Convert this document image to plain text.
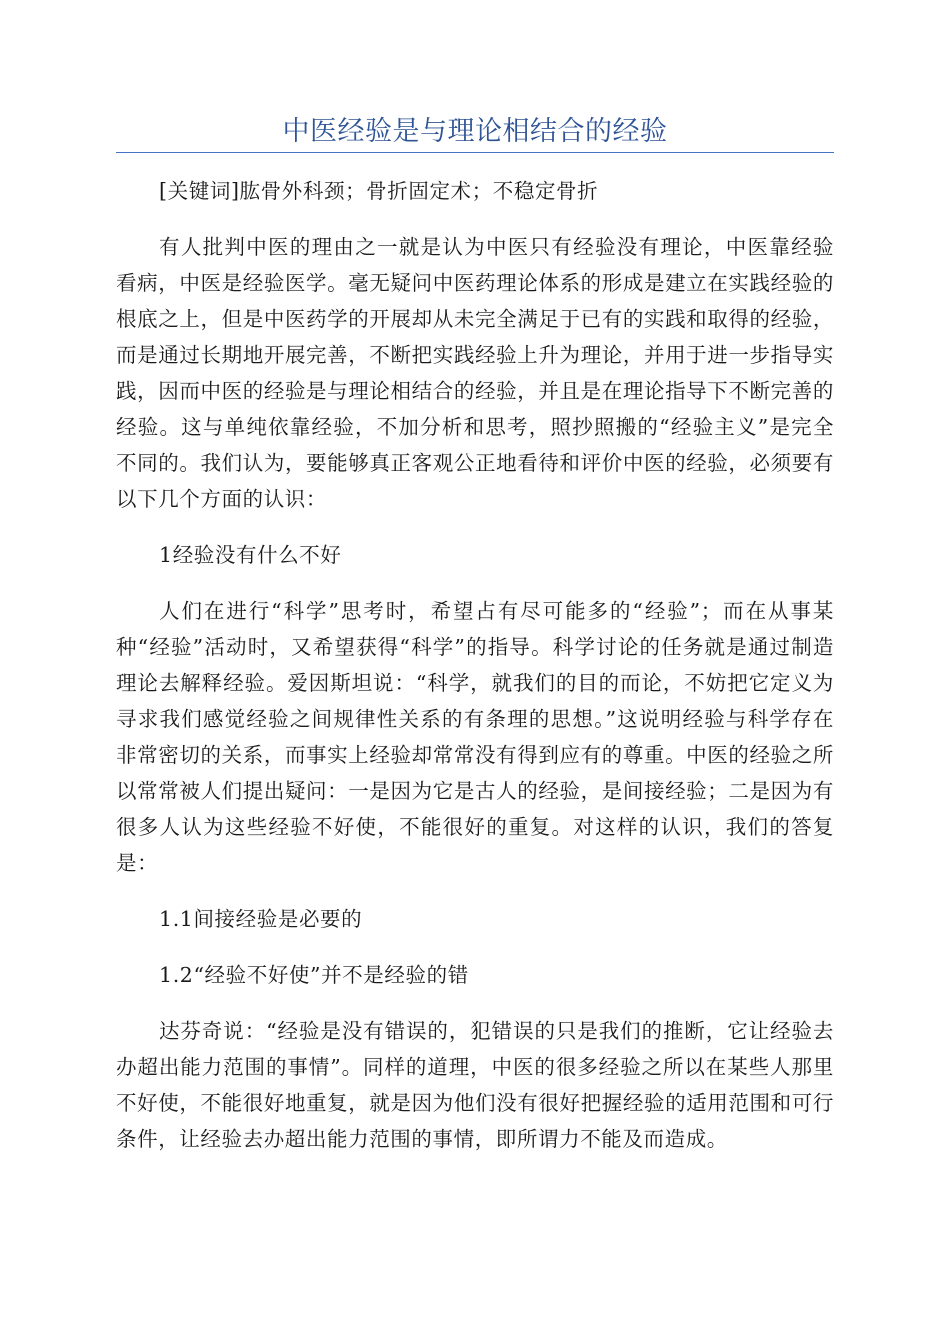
中医经验是与理论相结合的经验

[关键词]肱骨外科颈；骨折固定术；不稳定骨折

有人批判中医的理由之一就是认为中医只有经验没有理论，中医靠经验看病，中医是经验医学。毫无疑问中医药理论体系的形成是建立在实践经验的根底之上，但是中医药学的开展却从未完全满足于已有的实践和取得的经验，而是通过长期地开展完善，不断把实践经验上升为理论，并用于进一步指导实践，因而中医的经验是与理论相结合的经验，并且是在理论指导下不断完善的经验。这与单纯依靠经验，不加分析和思考，照抄照搬的“经验主义”是完全不同的。我们认为，要能够真正客观公正地看待和评价中医的经验，必须要有以下几个方面的认识：

1经验没有什么不好

人们在进行“科学”思考时，希望占有尽可能多的“经验”；而在从事某种“经验”活动时，又希望获得“科学”的指导。科学讨论的任务就是通过制造理论去解释经验。爱因斯坦说：“科学，就我们的目的而论，不妨把它定义为寻求我们感觉经验之间规律性关系的有条理的思想。”这说明经验与科学存在非常密切的关系，而事实上经验却常常没有得到应有的尊重。中医的经验之所以常常被人们提出疑问：一是因为它是古人的经验，是间接经验；二是因为有很多人认为这些经验不好使，不能很好的重复。对这样的认识，我们的答复是：

1.1间接经验是必要的

1.2“经验不好使”并不是经验的错

达芬奇说：“经验是没有错误的，犯错误的只是我们的推断，它让经验去办超出能力范围的事情”。同样的道理，中医的很多经验之所以在某些人那里不好使，不能很好地重复，就是因为他们没有很好把握经验的适用范围和可行条件，让经验去办超出能力范围的事情，即所谓力不能及而造成。
